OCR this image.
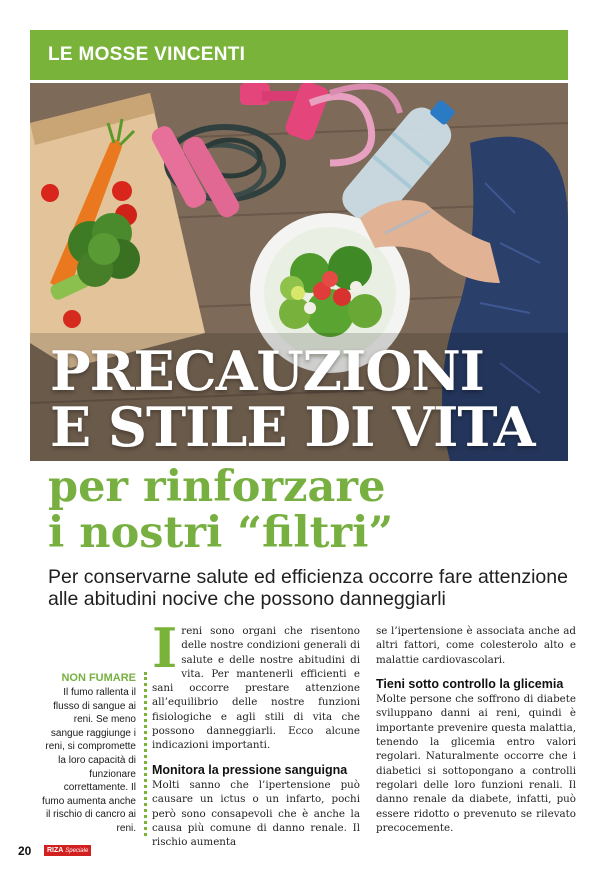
LE MOSSE VINCENTI
PRECAUZIONI
E STILE DI VITA
per rinforzare
i nostri “filtri”
Per conservarne salute ed efficienza occorre fare attenzione alle abitudini nocive che possono danneggiarli
NON FUMARE
Il fumo rallenta il flusso di sangue ai reni. Se meno sangue raggiunge i reni, si compromette la loro capacità di funzionare correttamente. Il fumo aumenta anche il rischio di cancro ai reni.
I reni sono organi che risentono delle nostre condizioni generali di salute e delle nostre abitudini di vita. Per mantenerli efficienti e sani occorre prestare attenzione all’equilibrio delle nostre funzioni fisiologiche e agli stili di vita che possono danneggiarli. Ecco alcune indicazioni importanti.

Monitora la pressione sanguigna

Molti sanno che l’ipertensione può causare un ictus o un infarto, pochi però sono consapevoli che è anche la causa più comune di danno renale. Il rischio aumenta

se l’ipertensione è associata anche ad altri fattori, come colesterolo alto e malattie cardiovascolari.

Tieni sotto controllo la glicemia

Molte persone che soffrono di diabete sviluppano danni ai reni, quindi è importante prevenire questa malattia, tenendo la glicemia entro valori regolari. Naturalmente occorre che i diabetici si sottopongano a controlli regolari delle loro funzioni renali. Il danno renale da diabete, infatti, può essere ridotto o prevenuto se rilevato precocemente.

20	RIZA Speciale
